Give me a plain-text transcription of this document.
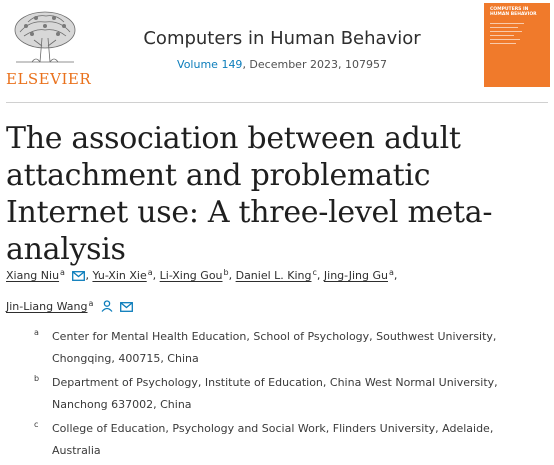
ELSEVIER
Computers in Human Behavior
Volume 149, December 2023, 107957
COMPUTERS IN HUMAN BEHAVIOR
The association between adult attachment and problematic Internet use: A three-level meta-analysis
Xiang Niu$^a$ , Yu-Xin Xie$^a$, Li-Xing Gou$^b$, Daniel L. King$^c$, Jing-Jing Gu$^a$,
Jin-Liang Wang$^a$
a Center for Mental Health Education, School of Psychology, Southwest University, Chongqing, 400715, China
b Department of Psychology, Institute of Education, China West Normal University, Nanchong 637002, China
c College of Education, Psychology and Social Work, Flinders University, Adelaide, Australia
